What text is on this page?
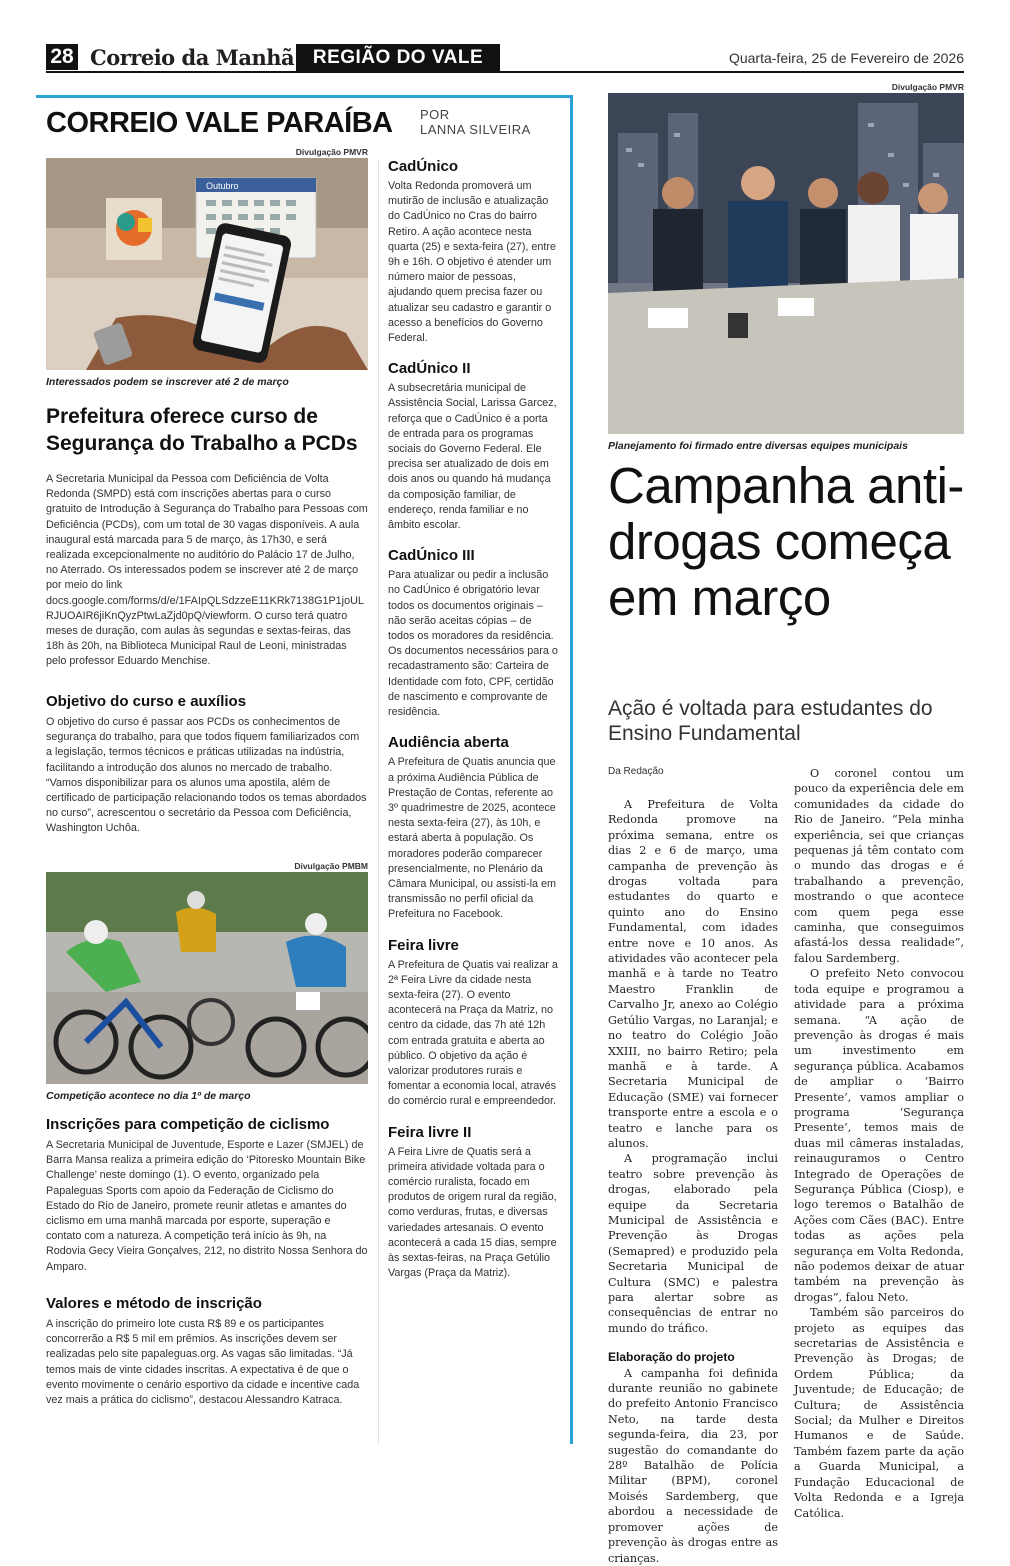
28 Correio da Manhã REGIÃO DO VALE	Quarta-feira, 25 de Fevereiro de 2026
CORREIO VALE PARAÍBA POR
LANNA SILVEIRA
Divulgação PMVR
Outubro
Interessados podem se inscrever até 2 de março
Prefeitura oferece curso de Segurança do Trabalho a PCDs

A Secretaria Municipal da Pessoa com Deficiência de Volta Redonda (SMPD) está com inscrições abertas para o curso gratuito de Introdução à Segurança do Trabalho para Pessoas com Deficiência (PCDs), com um total de 30 vagas disponíveis. A aula inaugural está marcada para 5 de março, às 17h30, e será realizada excepcionalmente no auditório do Palácio 17 de Julho, no Aterrado. Os interessados podem se inscrever até 2 de março por meio do link docs.google.com/forms/d/e/1FAIpQLSdzzeE11KRk7138G1P1joULRJUOAIR6jiKnQyzPtwLaZjd0pQ/viewform. O curso terá quatro meses de duração, com aulas às segundas e sextas-feiras, das 18h às 20h, na Biblioteca Municipal Raul de Leoni, ministradas pelo professor Eduardo Menchise.

Objetivo do curso e auxílios

O objetivo do curso é passar aos PCDs os conhecimentos de segurança do trabalho, para que todos fiquem familiarizados com a legislação, termos técnicos e práticas utilizadas na indústria, facilitando a introdução dos alunos no mercado de trabalho. “Vamos disponibilizar para os alunos uma apostila, além de certificado de participação relacionando todos os temas abordados no curso”, acrescentou o secretário da Pessoa com Deficiência, Washington Uchôa.

Divulgação PMBM
Competição acontece no dia 1º de março
Inscrições para competição de ciclismo

A Secretaria Municipal de Juventude, Esporte e Lazer (SMJEL) de Barra Mansa realiza a primeira edição do ‘Pitoresko Mountain Bike Challenge’ neste domingo (1). O evento, organizado pela Papaleguas Sports com apoio da Federação de Ciclismo do Estado do Rio de Janeiro, promete reunir atletas e amantes do ciclismo em uma manhã marcada por esporte, superação e contato com a natureza. A competição terá início às 9h, na Rodovia Gecy Vieira Gonçalves, 212, no distrito Nossa Senhora do Amparo.

Valores e método de inscrição

A inscrição do primeiro lote custa R$ 89 e os participantes concorrerão a R$ 5 mil em prêmios. As inscrições devem ser realizadas pelo site papaleguas.org. As vagas são limitadas. “Já temos mais de vinte cidades inscritas. A expectativa é de que o evento movimente o cenário esportivo da cidade e incentive cada vez mais a prática do ciclismo”, destacou Alessandro Katraca.

CadÚnico
Volta Redonda promoverá um mutirão de inclusão e atualização do CadÚnico no Cras do bairro Retiro. A ação acontece nesta quarta (25) e sexta-feira (27), entre 9h e 16h. O objetivo é atender um número maior de pessoas, ajudando quem precisa fazer ou atualizar seu cadastro e garantir o acesso a benefícios do Governo Federal.
CadÚnico II
A subsecretária municipal de Assistência Social, Larissa Garcez, reforça que o CadÚnico é a porta de entrada para os programas sociais do Governo Federal. Ele precisa ser atualizado de dois em dois anos ou quando há mudança da composição familiar, de endereço, renda familiar e no âmbito escolar.
CadÚnico III
Para atualizar ou pedir a inclusão no CadÚnico é obrigatório levar todos os documentos originais – não serão aceitas cópias – de todos os moradores da residência. Os documentos necessários para o recadastramento são: Carteira de Identidade com foto, CPF, certidão de nascimento e comprovante de residência.
Audiência aberta
A Prefeitura de Quatis anuncia que a próxima Audiência Pública de Prestação de Contas, referente ao 3º quadrimestre de 2025, acontece nesta sexta-feira (27), às 10h, e estará aberta à população. Os moradores poderão comparecer presencialmente, no Plenário da Câmara Municipal, ou assisti-la em transmissão no perfil oficial da Prefeitura no Facebook.
Feira livre
A Prefeitura de Quatis vai realizar a 2ª Feira Livre da cidade nesta sexta-feira (27). O evento acontecerá na Praça da Matriz, no centro da cidade, das 7h até 12h com entrada gratuita e aberta ao público. O objetivo da ação é valorizar produtores rurais e fomentar a economia local, através do comércio rural e empreendedor.
Feira livre II
A Feira Livre de Quatis será a primeira atividade voltada para o comércio ruralista, focado em produtos de origem rural da região, como verduras, frutas, e diversas variedades artesanais. O evento acontecerá a cada 15 dias, sempre às sextas-feiras, na Praça Getúlio Vargas (Praça da Matriz).
Divulgação PMVR
Planejamento foi firmado entre diversas equipes municipais
Campanha anti-drogas começa em março
Ação é voltada para estudantes do Ensino Fundamental
Da Redação

A Prefeitura de Volta Redonda promove na próxima semana, entre os dias 2 e 6 de março, uma campanha de prevenção às drogas voltada para estudantes do quarto e quinto ano do Ensino Fundamental, com idades entre nove e 10 anos. As atividades vão acontecer pela manhã e à tarde no Teatro Maestro Franklin de Carvalho Jr, anexo ao Colégio Getúlio Vargas, no Laranjal; e no teatro do Colégio João XXIII, no bairro Retiro; pela manhã e à tarde. A Secretaria Municipal de Educação (SME) vai fornecer transporte entre a escola e o teatro e lanche para os alunos.

A programação inclui teatro sobre prevenção às drogas, elaborado pela equipe da Secretaria Municipal de Assistência e Prevenção às Drogas (Semapred) e produzido pela Secretaria Municipal de Cultura (SMC) e palestra para alertar sobre as consequências de entrar no mundo do tráfico.

Elaboração do projeto

A campanha foi definida durante reunião no gabinete do prefeito Antonio Francisco Neto, na tarde desta segunda-feira, dia 23, por sugestão do comandante do 28º Batalhão de Polícia Militar (BPM), coronel Moisés Sardemberg, que abordou a necessidade de promover ações de prevenção às drogas entre as crianças.

O coronel contou um pouco da experiência dele em comunidades da cidade do Rio de Janeiro. “Pela minha experiência, sei que crianças pequenas já têm contato com o mundo das drogas e é trabalhando a prevenção, mostrando o que acontece com quem pega esse caminha, que conseguimos afastá-los dessa realidade”, falou Sardemberg.

O prefeito Neto convocou toda equipe e programou a atividade para a próxima semana. “A ação de prevenção às drogas é mais um investimento em segurança pública. Acabamos de ampliar o ‘Bairro Presente’, vamos ampliar o programa ‘Segurança Presente’, temos mais de duas mil câmeras instaladas, reinauguramos o Centro Integrado de Operações de Segurança Pública (Ciosp), e logo teremos o Batalhão de Ações com Cães (BAC). Entre todas as ações pela segurança em Volta Redonda, não podemos deixar de atuar também na prevenção às drogas”, falou Neto.

Também são parceiros do projeto as equipes das secretarias de Assistência e Prevenção às Drogas; de Ordem Pública; da Juventude; de Educação; de Cultura; de Assistência Social; da Mulher e Direitos Humanos e de Saúde. Também fazem parte da ação a Guarda Municipal, a Fundação Educacional de Volta Redonda e a Igreja Católica.
